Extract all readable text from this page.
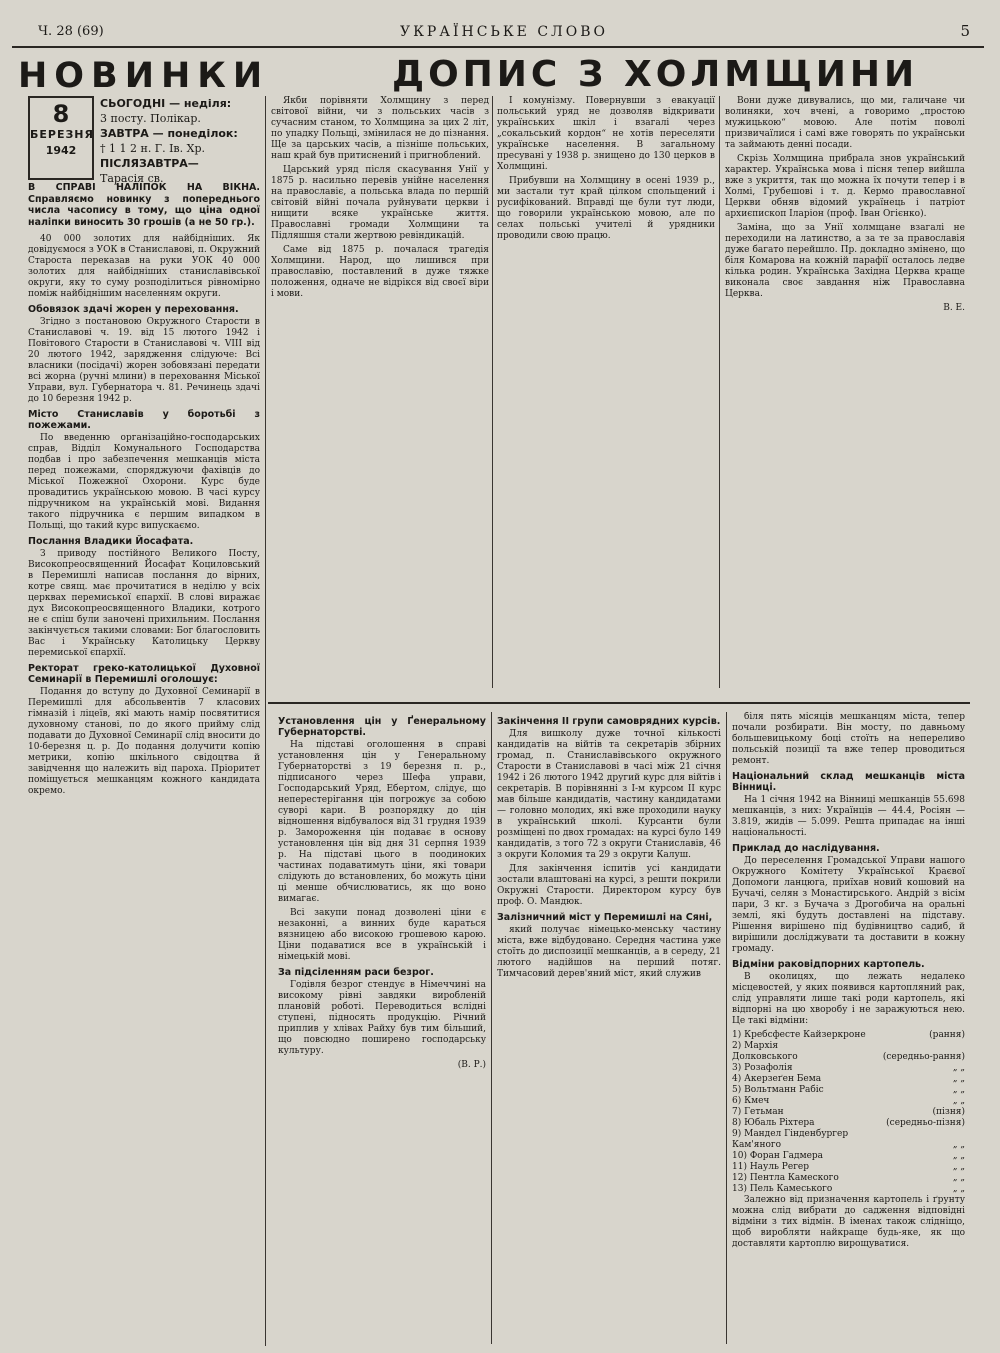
Ч. 28 (69)	УКРАЇНСЬКЕ СЛОВО	5
НОВИНКИ	ДОПИС З ХОЛМЩИНИ
8
БЕРЕЗНЯ
1942
СЬОГОДНІ — неділя:
3 посту. Полікар.
ЗАВТРА — понеділок:
† 1 1 2 н. Г. Ів. Хр.
ПІСЛЯЗАВТРА—
Тарасія св.
В СПРАВІ НАЛІПОК НА ВІКНА. Справляємо новинку з попереднього числа часопису в тому, що ціна одної наліпки виносить 30 грошів (а не 50 гр.).

40 000 золотих для найбідніших. Як довідуємося з УОК в Станиславові, п. Окружний Староста переказав на руки УОК 40 000 золотих для найбідніших станиславівської округи, яку то суму розподілиться рівномірно поміж найбіднішим населенням округи.

Обовязок здачі жорен у переховання.

Згідно з постановою Окружного Старости в Станиславові ч. 19. від 15 лютого 1942 і Повітового Старости в Станиславові ч. VIII від 20 лютого 1942, зарядження слідуюче: Всі власники (посідачі) жорен зобовязані передати всі жорна (ручні млини) в переховання Міської Управи, вул. Губернатора ч. 81. Речинець здачі до 10 березня 1942 р.

Місто Станиславів у боротьбі з пожежами.

По введенню організаційно-господарських справ, Відділ Комунального Господарства подбав і про забезпечення мешканців міста перед пожежами, споряджуючи фахівців до Міської Пожежної Охорони. Курс буде провадитись українською мовою. В часі курсу підручником на українській мові. Видання такого підручника є першим випадком в Польщі, що такий курс випускаємо.

Послання Владики Йосафата.

З приводу постійного Великого Посту, Високопреосвященний Йосафат Коциловський в Перемишлі написав послання до вірних, котре свящ. має прочитатися в неділю у всіх церквах перемиської єпархії. В слові виражає дух Високопреосвященного Владики, котрого не є спіш були заночені прихильним. Послання закінчується такими словами: Бог благословить Вас і Українську Католицьку Церкву перемиської єпархії.

Ректорат греко-католицької Духовної Семинарії в Перемишлі оголошує:

Подання до вступу до Духовної Семинарії в Перемишлі для абсольвентів 7 класових гімназій і ліцеїв, які мають намір посвятитися духовному станові, по до якого прийму слід подавати до Духовної Семинарії слід вносити до 10-березня ц. р. До подання долучити копію метрики, копію шкільного свідоцтва й завідчення що належить від пароха. Пріоритет поміщується мешканцям кожного кандидата окремо.

Якби порівняти Холмщину з перед світової війни, чи з польських часів з сучасним станом, то Холмщина за цих 2 літ, по упадку Польщі, змінилася не до пізнання. Ще за царських часів, а пізніше польських, наш край був притиснений і пригноблений.

Царський уряд після скасування Унії у 1875 р. насильно перевів унійне населення на православіє, а польська влада по першій світовій війні почала руйнувати церкви і нищити всяке українське життя. Православні громади Холмщини та Підляшшя стали жертвою ревіндикацій.

Саме від 1875 р. почалася трагедія Холмщини. Народ, що лишився при православію, поставлений в дуже тяжке положення, одначе не відрікся від своєї віри і мови.

І комунізму. Повернувши з евакуації польський уряд не дозволяв відкривати українських шкіл і взагалі через „сокальський кордон“ не хотів переселяти українське населення. В загальному пресувані у 1938 р. знищено до 130 церков в Холмщині.

Прибувши на Холмщину в осені 1939 р., ми застали тут край цілком спольщений і русифікований. Вправді ще були тут люди, що говорили українською мовою, але по селах польські учителі й урядники проводили свою працю.

Вони дуже дивувались, що ми, галичане чи волиняки, хоч вчені, а говоримо „простою мужицькою“ мовою. Але потім поволі призвичаїлися і самі вже говорять по українськи та займають денні посади.

Скрізь Холмщина прибрала знов український характер. Українська мова і пісня тепер вийшла вже з укриття, так що можна їх почути тепер і в Холмі, Грубешові і т. д. Кермо православної Церкви обняв відомий українець і патріот архиєпископ Іларіон (проф. Іван Огієнко).

Заміна, що за Унії холмщане взагалі не переходили на латинство, а за те за православія дуже багато перейшло. Пр. докладно змінено, що біля Комарова на кожній парафії осталось ледве кілька родин. Українська Західна Церква краще виконала своє завдання ніж Православна Церква.

В. Е.

Установлення цін у Ґенеральному Губернаторстві.

На підставі оголошення в справі установлення цін у Генеральному Губернаторстві з 19 березня п. р., підписаного через Шефа управи, Господарський Уряд, Ебертом, слідує, що неперестерігання цін погрожує за собою суворі кари. В розпорядку до цін відношення відбувалося від 31 грудня 1939 р. Замороження цін подаває в основу установлення цін від дня 31 серпня 1939 р. На підставі цього в поодиноких частинах подаватимуть ціни, які товари слідують до встановлених, бо можуть ціни ці менше обчислюватись, як що воно вимагає.

Всі закупи понад дозволені ціни є незаконні, а винних буде караться вязницею або високою грошевою карою. Ціни подаватися все в українській і німецькій мові.

За підсіленням раси безрог.

Годівля безрог стендує в Німеччині на високому рівні завдяки виробленій плановій роботі. Переводиться вслідні ступені, підносять продукцію. Річний приплив у хлівах Райху був тим більший, що повсюдно поширено господарську культуру.

(В. Р.)

Закінчення II групи самоврядних курсів.

Для вишколу дуже точної кількості кандидатів на війтів та секретарів збірних громад, п. Станиславівського окружного Старости в Станиславові в часі між 21 січня 1942 і 26 лютого 1942 другий курс для війтів і секретарів. В порівнянні з I-м курсом II курс мав більше кандидатів, частину кандидатами — головно молодих, які вже проходили науку в український школі. Курсанти були розміщені по двох громадах: на курсі було 149 кандидатів, з того 72 з округи Станиславів, 46 з округи Коломия та 29 з округи Калуш.

Для закінчення іспитів усі кандидати зостали влаштовані на курсі, з решти покрили Окружні Старости. Директором курсу був проф. О. Мандюк.

Залізничний міст у Перемишлі на Сяні,

який получає німецько-менську частину міста, вже відбудовано. Середня частина уже стоїть до диспозиції мешканців, а в середу, 21 лютого надійшов на перший потяг. Тимчасовий дерев'яний міст, який служив

біля пять місяців мешканцям міста, тепер почали розбирати. Він мосту, по давньому большевицькому боці стоїть на непереливо польській позиції та вже тепер проводиться ремонт.

Національний склад мешканців міста Вінниці.

На 1 січня 1942 на Вінниці мешканців 55.698 мешканців, з них: Українців — 44.4, Росіян — 3.819, жидів — 5.099. Решта припадає на інші національності.

Приклад до наслідування.

До переселення Громадської Управи нашого Окружного Комітету Української Краєвої Допомоги ланцюга, приїхав новий кошовий на Бучачі, селян з Монастирського. Андрій з вісім пари, 3 кг. з Бучача з Дрогобича на оральні землі, які будуть доставлені на підставу. Рішення вирішено під будівництво садиб, й вирішили досліджувати та доставити в кожну громаду.

Відміни раковідпорних картопель.

В околицях, що лежать недалеко місцевостей, у яких появився картопляний рак, слід управляти лише такі роди картопель, які відпорні на цю хворобу і не заражуються нею. Це такі відміни:

1) Кребсфесте Кайзеркроне	(рання)
2) Мархія	
Долковського	(середньо-рання)
3) Розафолія	„ „
4) Акерзеґен Бема	„ „
5) Вольтманн Рабіс	„ „
6) Кмеч	„ „
7) Гетьман	(пізня)
8) Юбаль Ріхтера	(середньо-пізня)
9) Мандел Гінденбургер	
Кам'яного	„ „
10) Форан Гадмера	„ „
11) Науль Регер	„ „
12) Пентла Камеского	„ „
13) Пель Камеського	„ „

Залежно від призначення картопель і ґрунту можна слід вибрати до садження відповідні відміни з тих відмін. В іменах також слідніщо, щоб виробляти найкраще будь-яке, як що доставляти картоплю вирощуватися.
